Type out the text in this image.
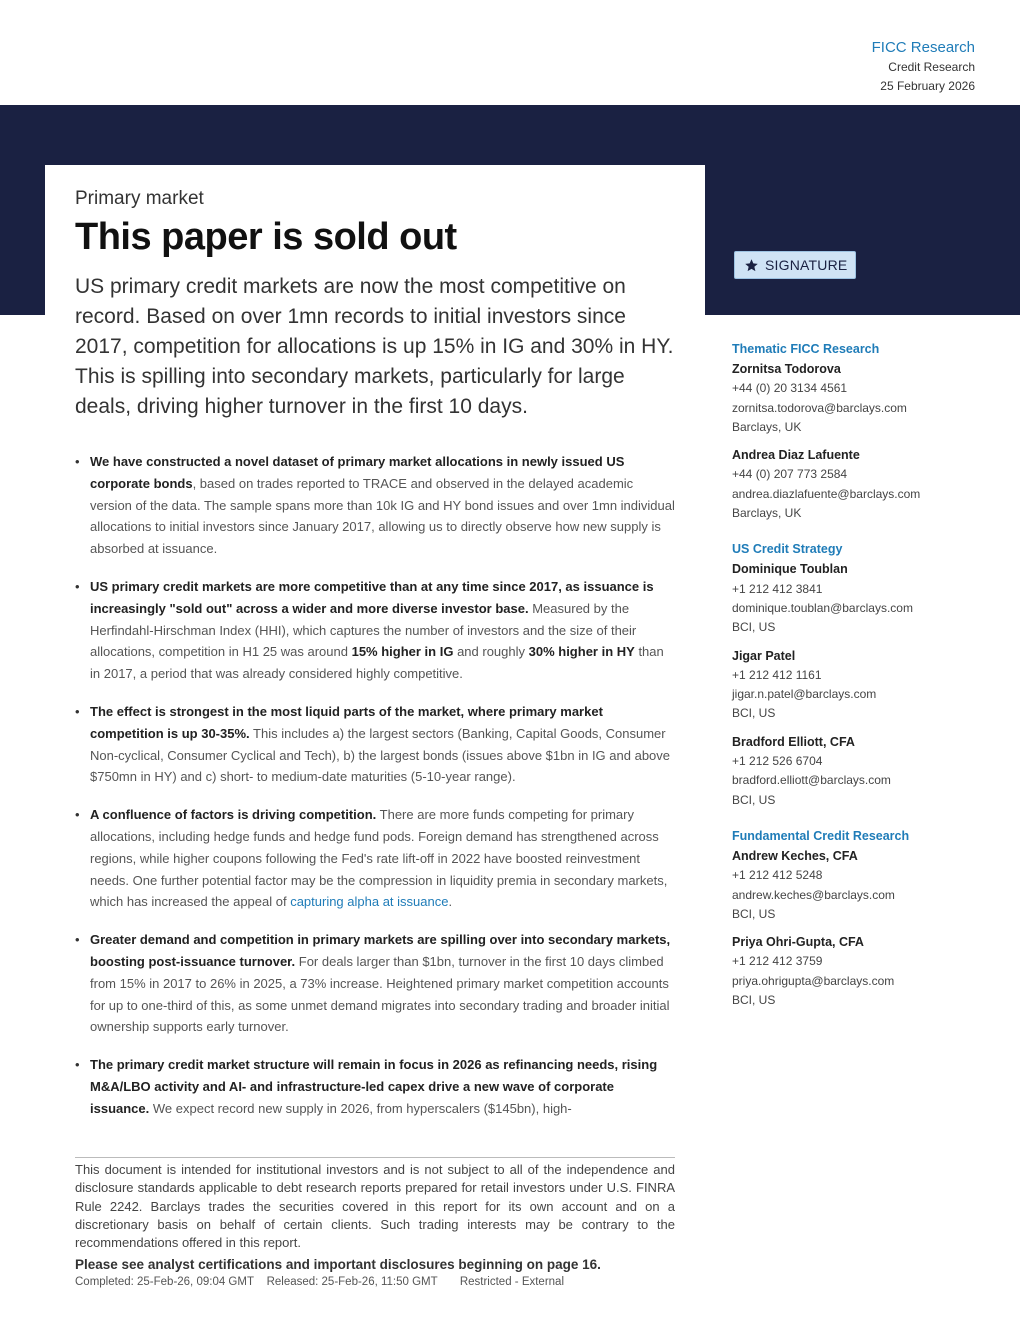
FICC Research
Credit Research
25 February 2026
Primary market
This paper is sold out

US primary credit markets are now the most competitive on record. Based on over 1mn records to initial investors since 2017, competition for allocations is up 15% in IG and 30% in HY. This is spilling into secondary markets, particularly for large deals, driving higher turnover in the first 10 days.

SIGNATURE
• We have constructed a novel dataset of primary market allocations in newly issued US corporate bonds, based on trades reported to TRACE and observed in the delayed academic version of the data. The sample spans more than 10k IG and HY bond issues and over 1mn individual allocations to initial investors since January 2017, allowing us to directly observe how new supply is absorbed at issuance.
• US primary credit markets are more competitive than at any time since 2017, as issuance is increasingly "sold out" across a wider and more diverse investor base. Measured by the Herfindahl-Hirschman Index (HHI), which captures the number of investors and the size of their allocations, competition in H1 25 was around 15% higher in IG and roughly 30% higher in HY than in 2017, a period that was already considered highly competitive.
• The effect is strongest in the most liquid parts of the market, where primary market competition is up 30-35%. This includes a) the largest sectors (Banking, Capital Goods, Consumer Non-cyclical, Consumer Cyclical and Tech), b) the largest bonds (issues above $1bn in IG and above $750mn in HY) and c) short- to medium-date maturities (5-10-year range).
• A confluence of factors is driving competition. There are more funds competing for primary allocations, including hedge funds and hedge fund pods. Foreign demand has strengthened across regions, while higher coupons following the Fed's rate lift-off in 2022 have boosted reinvestment needs. One further potential factor may be the compression in liquidity premia in secondary markets, which has increased the appeal of capturing alpha at issuance.
• Greater demand and competition in primary markets are spilling over into secondary markets, boosting post-issuance turnover. For deals larger than $1bn, turnover in the first 10 days climbed from 15% in 2017 to 26% in 2025, a 73% increase. Heightened primary market competition accounts for up to one-third of this, as some unmet demand migrates into secondary trading and broader initial ownership supports early turnover.
• The primary credit market structure will remain in focus in 2026 as refinancing needs, rising M&A/LBO activity and AI- and infrastructure-led capex drive a new wave of corporate issuance. We expect record new supply in 2026, from hyperscalers ($145bn), high-

This document is intended for institutional investors and is not subject to all of the independence and disclosure standards applicable to debt research reports prepared for retail investors under U.S. FINRA Rule 2242. Barclays trades the securities covered in this report for its own account and on a discretionary basis on behalf of certain clients. Such trading interests may be contrary to the recommendations offered in this report.

Please see analyst certifications and important disclosures beginning on page 16.
Completed: 25-Feb-26, 09:04 GMT Released: 25-Feb-26, 11:50 GMT Restricted - External
Thematic FICC Research
Zornitsa Todorova
+44 (0) 20 3134 4561
zornitsa.todorova@barclays.com
Barclays, UK
Andrea Diaz Lafuente
+44 (0) 207 773 2584
andrea.diazlafuente@barclays.com
Barclays, UK
US Credit Strategy
Dominique Toublan
+1 212 412 3841
dominique.toublan@barclays.com
BCI, US
Jigar Patel
+1 212 412 1161
jigar.n.patel@barclays.com
BCI, US
Bradford Elliott, CFA
+1 212 526 6704
bradford.elliott@barclays.com
BCI, US
Fundamental Credit Research
Andrew Keches, CFA
+1 212 412 5248
andrew.keches@barclays.com
BCI, US
Priya Ohri-Gupta, CFA
+1 212 412 3759
priya.ohrigupta@barclays.com
BCI, US
